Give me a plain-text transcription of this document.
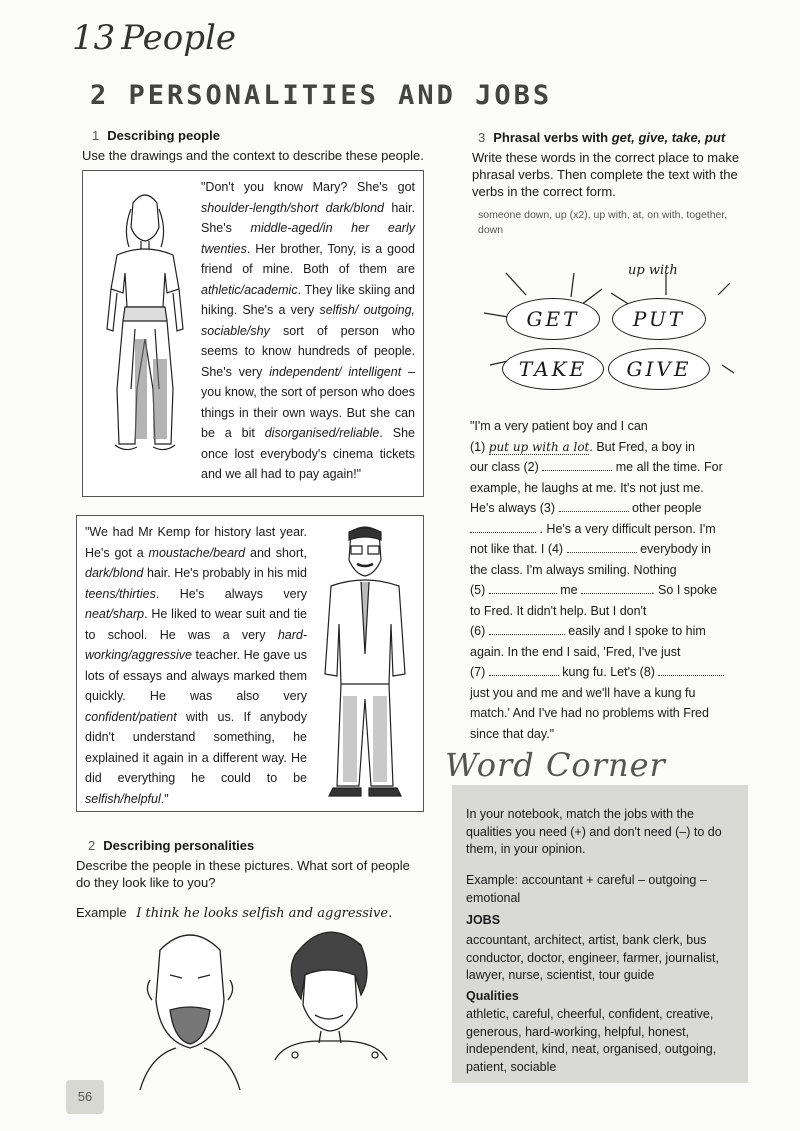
13 People
2 PERSONALITIES AND JOBS
1 Describing people
Use the drawings and the context to describe these people.

"Don't you know Mary? She's got shoulder-length/short dark/blond hair. She's middle-aged/in her early twenties. Her brother, Tony, is a good friend of mine. Both of them are athletic/academic. They like skiing and hiking. She's a very selfish/ outgoing, sociable/shy sort of person who seems to know hundreds of people. She's very independent/ intelligent – you know, the sort of person who does things in their own ways. But she can be a bit disorganised/reliable. She once lost everybody's cinema tickets and we all had to pay again!"

"We had Mr Kemp for history last year. He's got a moustache/beard and short, dark/blond hair. He's probably in his mid teens/thirties. He's always very neat/sharp. He liked to wear suit and tie to school. He was a very hard-working/aggressive teacher. He gave us lots of essays and always marked them quickly. He was also very confident/patient with us. If anybody didn't understand something, he explained it again in a different way. He did everything he could to be selfish/helpful."

2 Describing personalities
Describe the people in these pictures. What sort of people do they look like to you?
Example I think he looks selfish and aggressive.
3 Phrasal verbs with get, give, take, put
Write these words in the correct place to make phrasal verbs. Then complete the text with the verbs in the correct form.
someone down, up (x2), up with, at, on with, together, down
up with
GET	PUT
TAKE	GIVE
"I'm a very patient boy and I can
(1) put up with a lot. But Fred, a boy in
our class (2)	me all the time. For
example, he laughs at me. It's not just me.
He's always (3)	other people
. He's a very difficult person. I'm
not like that. I (4)	everybody in
the class. I'm always smiling. Nothing
(5)	me	. So I spoke
to Fred. It didn't help. But I don't
(6)	easily and I spoke to him
again. In the end I said, 'Fred, I've just
(7)	kung fu. Let's (8)
just you and me and we'll have a kung fu
match.' And I've had no problems with Fred
since that day."
Word Corner
In your notebook, match the jobs with the qualities you need (+) and don't need (–) to do them, in your opinion.
Example: accountant + careful – outgoing – emotional
JOBS
accountant, architect, artist, bank clerk, bus conductor, doctor, engineer, farmer, journalist, lawyer, nurse, scientist, tour guide
Qualities
athletic, careful, cheerful, confident, creative, generous, hard-working, helpful, honest, independent, kind, neat, organised, outgoing, patient, sociable
56
